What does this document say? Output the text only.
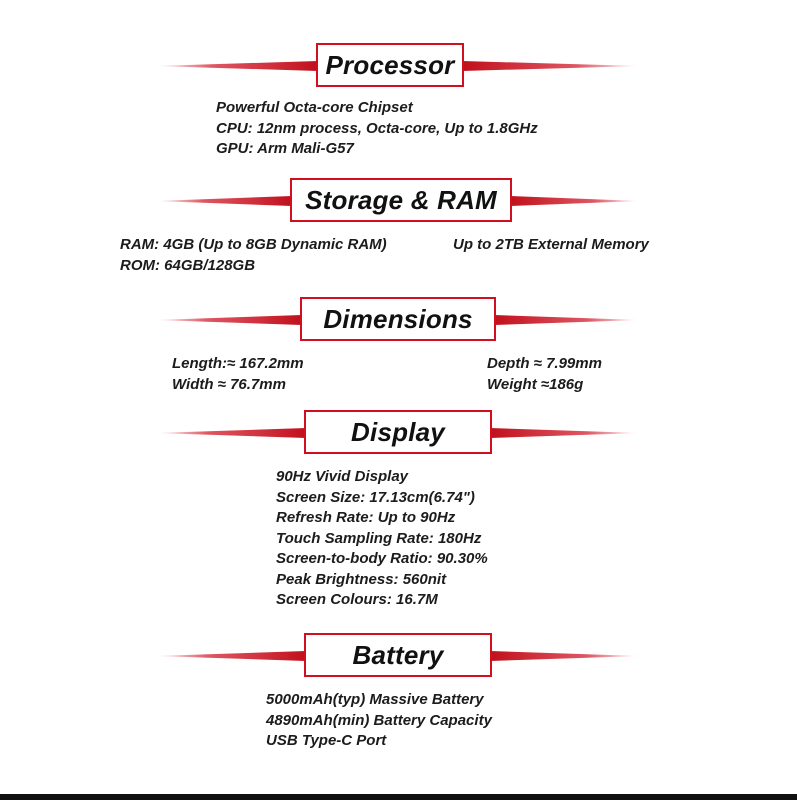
Processor
Powerful Octa-core Chipset
CPU: 12nm process, Octa-core, Up to 1.8GHz
GPU: Arm Mali-G57
Storage & RAM
RAM: 4GB (Up to 8GB Dynamic RAM)
ROM: 64GB/128GB
Up to 2TB External Memory
Dimensions
Length:≈ 167.2mm
Width ≈ 76.7mm
Depth ≈ 7.99mm
Weight ≈186g
Display
90Hz Vivid Display
Screen Size: 17.13cm(6.74")
Refresh Rate: Up to 90Hz
Touch Sampling Rate: 180Hz
Screen-to-body Ratio: 90.30%
Peak Brightness: 560nit
Screen Colours: 16.7M
Battery
5000mAh(typ) Massive Battery
4890mAh(min) Battery Capacity
USB Type-C Port
